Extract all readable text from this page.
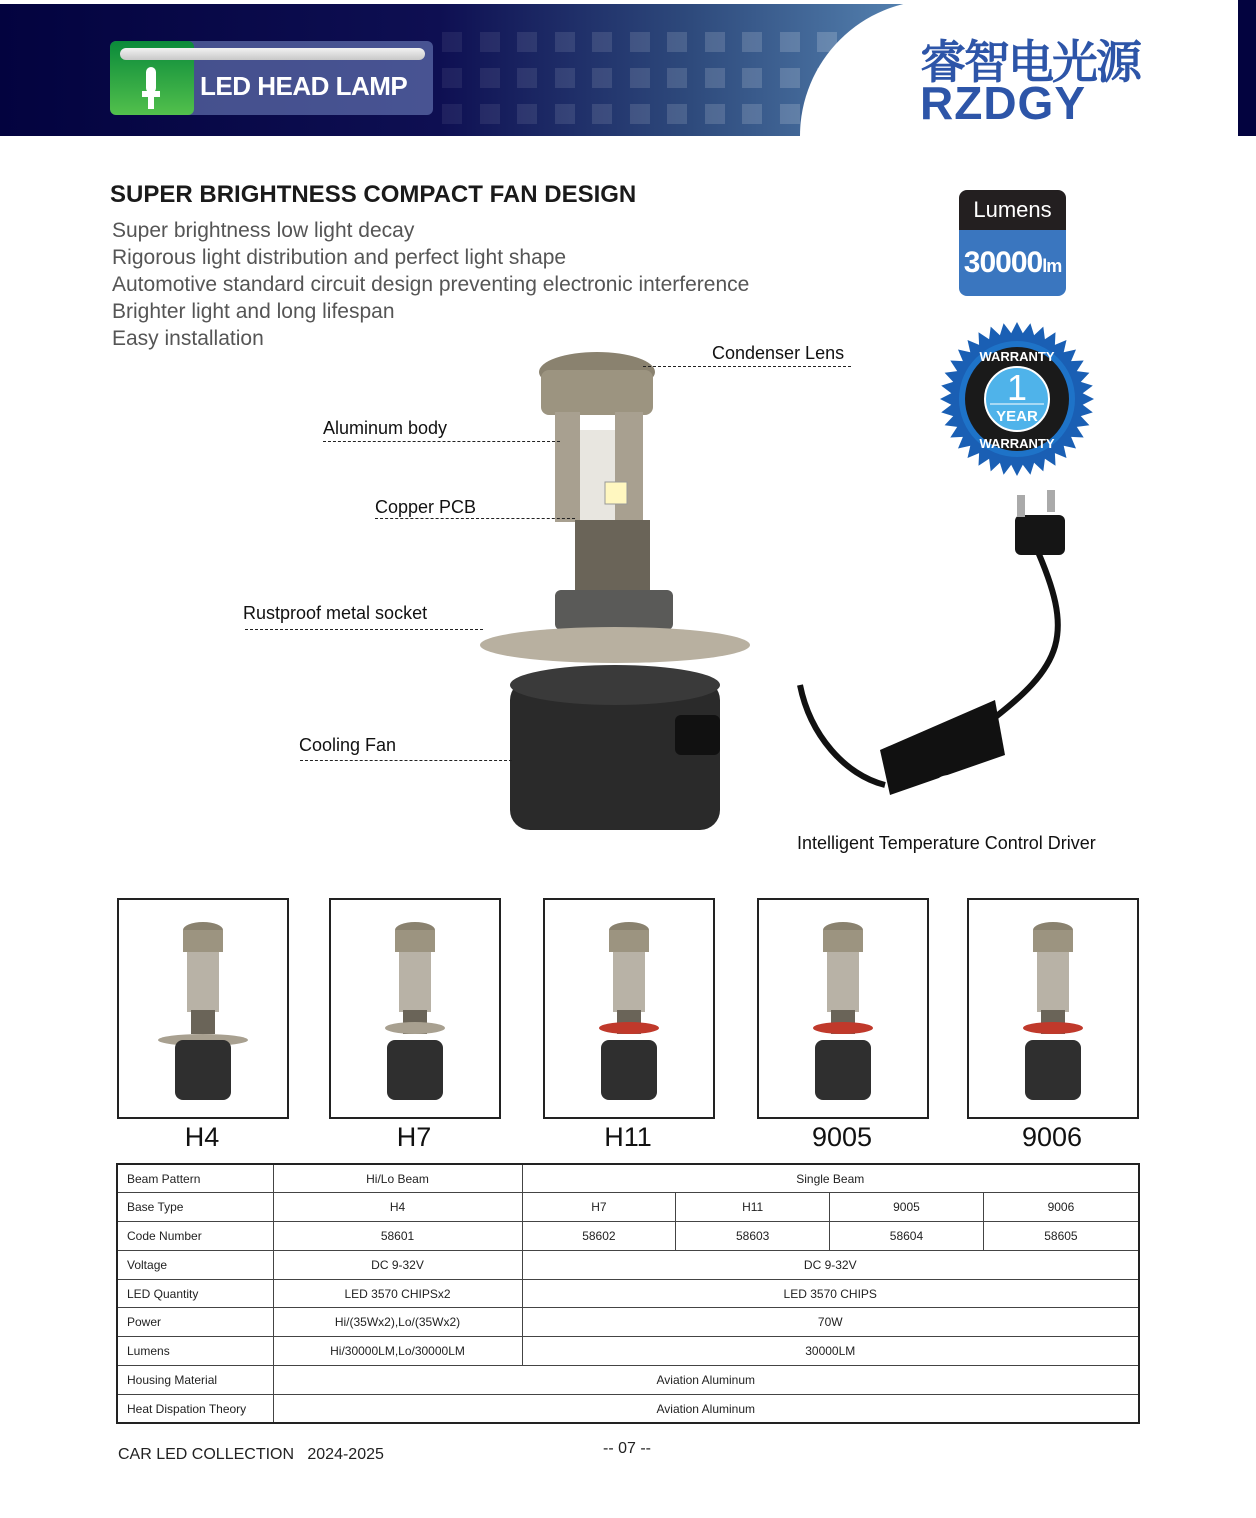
LED HEAD LAMP	睿智电光源
RZDGY
SUPER BRIGHTNESS COMPACT FAN DESIGN
Super brightness low light decay
Rigorous light distribution and perfect light shape
Automotive standard circuit design preventing electronic interference
Brighter light and long lifespan
Easy installation
Lumens
30000lm
WARRANTY
1
YEAR
WARRANTY
Condenser Lens
Aluminum body
Copper PCB
Rustproof metal socket
Cooling Fan
Intelligent Temperature Control Driver
H4	H7	H11	9005	9006
Beam Pattern	Hi/Lo Beam	Single Beam			
Base Type	H4	H7	H11	9005	9006
Code Number	58601	58602	58603	58604	58605
Voltage	DC 9-32V	DC 9-32V			
LED Quantity	LED 3570 CHIPSx2	LED 3570 CHIPS			
Power	Hi/(35Wx2),Lo/(35Wx2)	70W			
Lumens	Hi/30000LM,Lo/30000LM	30000LM			
Housing Material	Aviation Aluminum				
Heat Dispation Theory	Aviation Aluminum				
CAR LED COLLECTION   2024-2025	-- 07 --
